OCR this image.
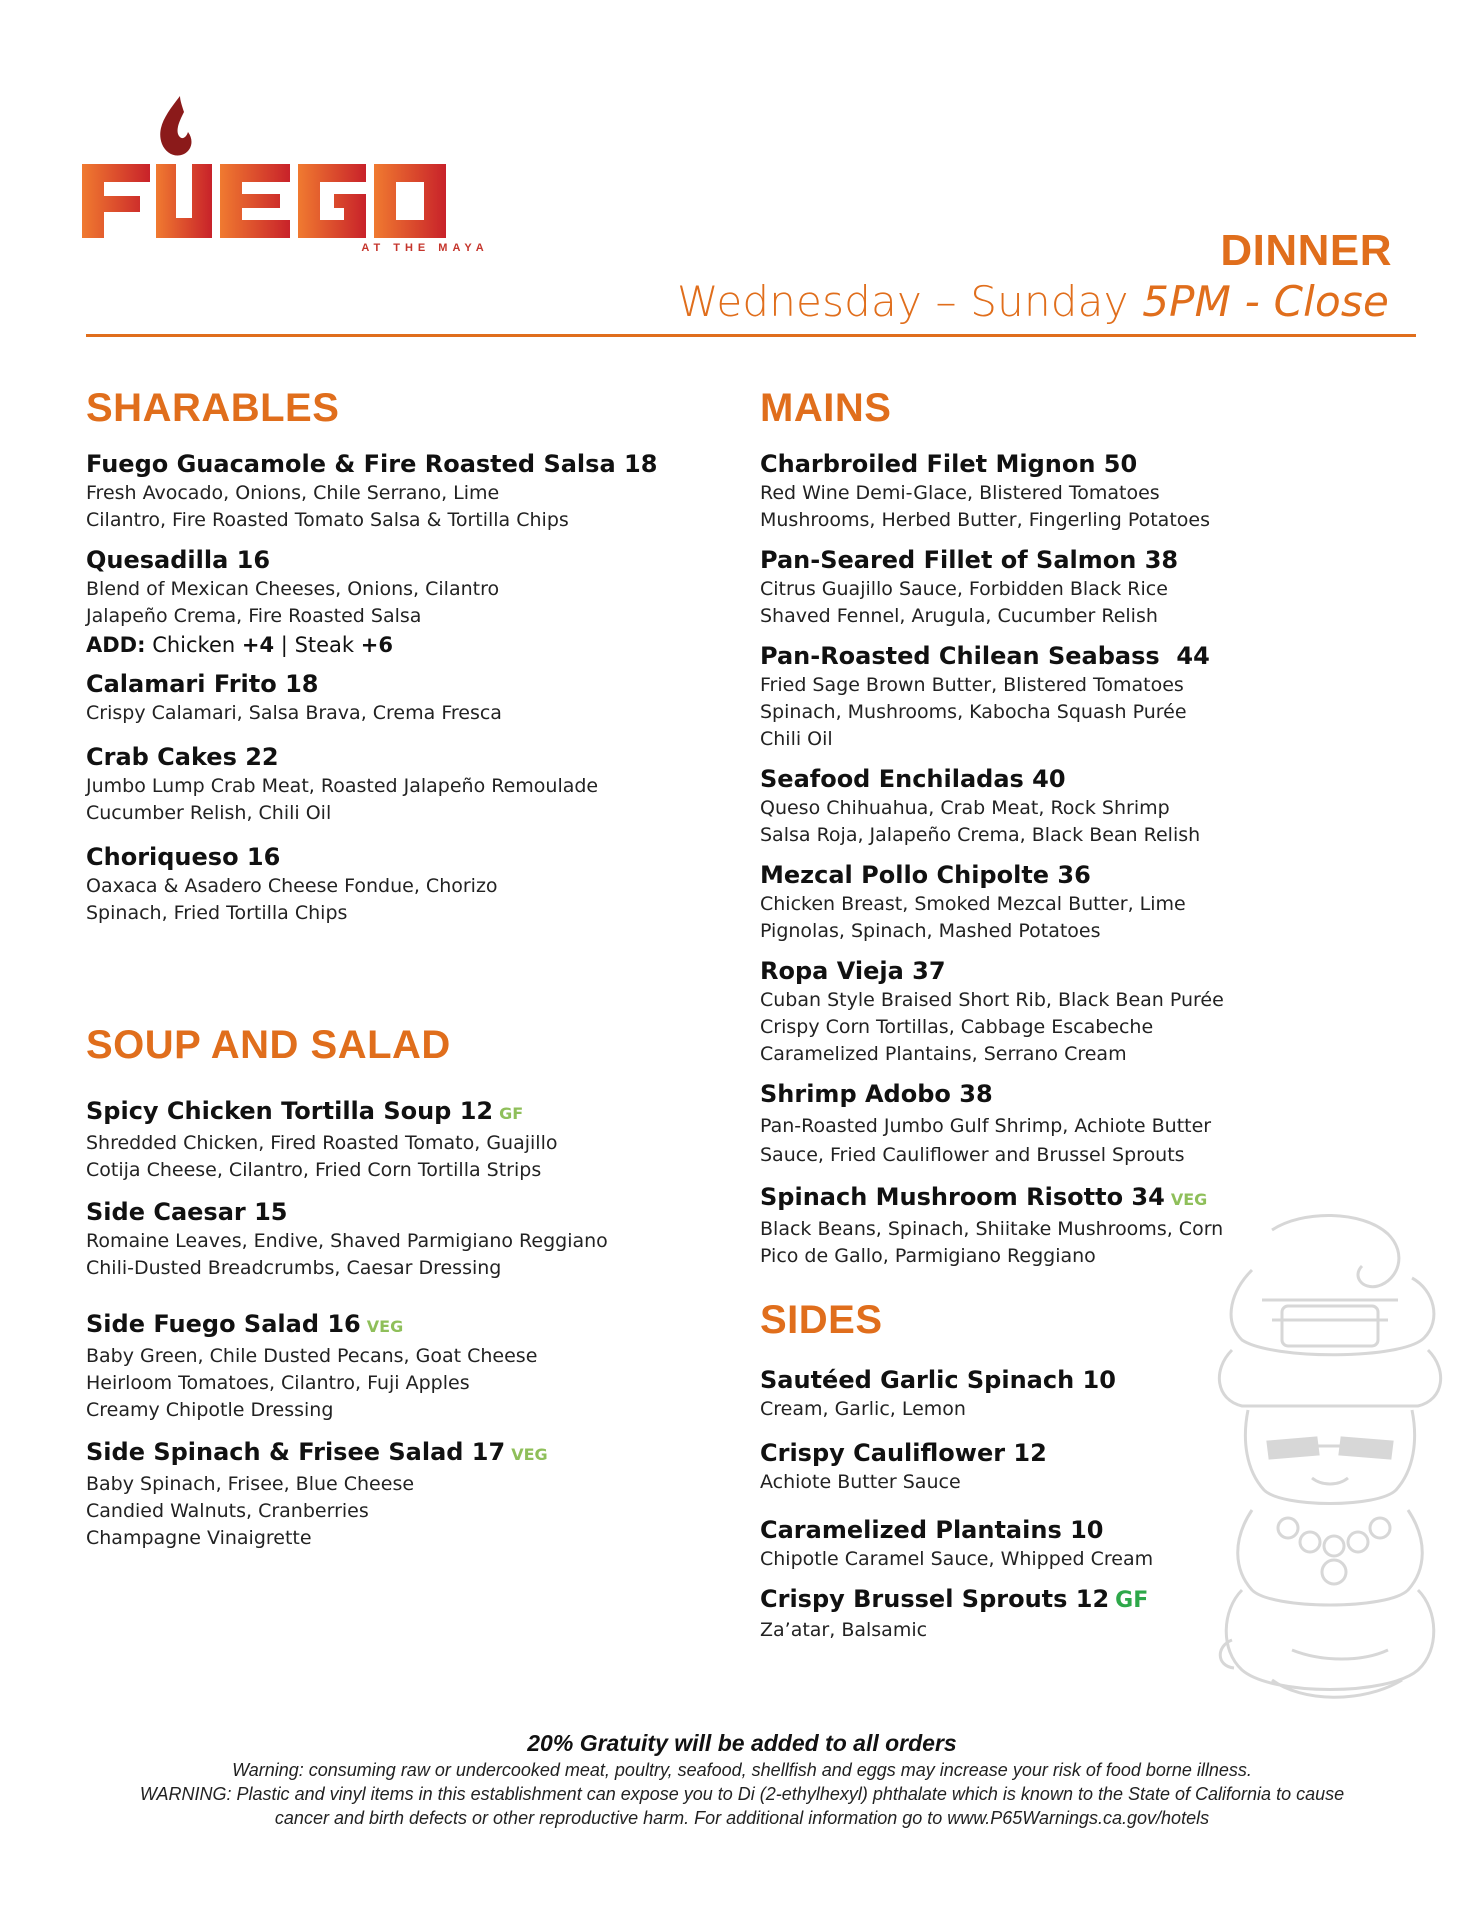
AT THE MAYA	DINNER
Wednesday – Sunday 5PM - Close
SHARABLES
Fuego Guacamole & Fire Roasted Salsa 18
Fresh Avocado, Onions, Chile Serrano, Lime
Cilantro, Fire Roasted Tomato Salsa & Tortilla Chips
Quesadilla 16
Blend of Mexican Cheeses, Onions, Cilantro
Jalapeño Crema, Fire Roasted Salsa
ADD: Chicken +4 | Steak +6
Calamari Frito 18
Crispy Calamari, Salsa Brava, Crema Fresca
Crab Cakes 22
Jumbo Lump Crab Meat, Roasted Jalapeño Remoulade
Cucumber Relish, Chili Oil
Choriqueso 16
Oaxaca & Asadero Cheese Fondue, Chorizo
Spinach, Fried Tortilla Chips
SOUP AND SALAD
Spicy Chicken Tortilla Soup 12 GF
Shredded Chicken, Fired Roasted Tomato, Guajillo
Cotija Cheese, Cilantro, Fried Corn Tortilla Strips
Side Caesar 15
Romaine Leaves, Endive, Shaved Parmigiano Reggiano
Chili-Dusted Breadcrumbs, Caesar Dressing
Side Fuego Salad 16 VEG
Baby Green, Chile Dusted Pecans, Goat Cheese
Heirloom Tomatoes, Cilantro, Fuji Apples
Creamy Chipotle Dressing
Side Spinach & Frisee Salad 17 VEG
Baby Spinach, Frisee, Blue Cheese
Candied Walnuts, Cranberries
Champagne Vinaigrette
MAINS
Charbroiled Filet Mignon 50
Red Wine Demi-Glace, Blistered Tomatoes
Mushrooms, Herbed Butter, Fingerling Potatoes
Pan-Seared Fillet of Salmon 38
Citrus Guajillo Sauce, Forbidden Black Rice
Shaved Fennel, Arugula, Cucumber Relish
Pan-Roasted Chilean Seabass  44
Fried Sage Brown Butter, Blistered Tomatoes
Spinach, Mushrooms, Kabocha Squash Purée
Chili Oil
Seafood Enchiladas 40
Queso Chihuahua, Crab Meat, Rock Shrimp
Salsa Roja, Jalapeño Crema, Black Bean Relish
Mezcal Pollo Chipolte 36
Chicken Breast, Smoked Mezcal Butter, Lime
Pignolas, Spinach, Mashed Potatoes
Ropa Vieja 37
Cuban Style Braised Short Rib, Black Bean Purée
Crispy Corn Tortillas, Cabbage Escabeche
Caramelized Plantains, Serrano Cream
Shrimp Adobo 38
Pan-Roasted Jumbo Gulf Shrimp, Achiote Butter
Sauce, Fried Cauliflower and Brussel Sprouts
Spinach Mushroom Risotto 34 VEG
Black Beans, Spinach, Shiitake Mushrooms, Corn
Pico de Gallo, Parmigiano Reggiano
SIDES
Sautéed Garlic Spinach 10
Cream, Garlic, Lemon
Crispy Cauliflower 12
Achiote Butter Sauce
Caramelized Plantains 10
Chipotle Caramel Sauce, Whipped Cream
Crispy Brussel Sprouts 12 GF
Za’atar, Balsamic
20% Gratuity will be added to all orders
Warning: consuming raw or undercooked meat, poultry, seafood, shellfish and eggs may increase your risk of food borne illness.
WARNING: Plastic and vinyl items in this establishment can expose you to Di (2-ethylhexyl) phthalate which is known to the State of California to cause
cancer and birth defects or other reproductive harm. For additional information go to www.P65Warnings.ca.gov/hotels
